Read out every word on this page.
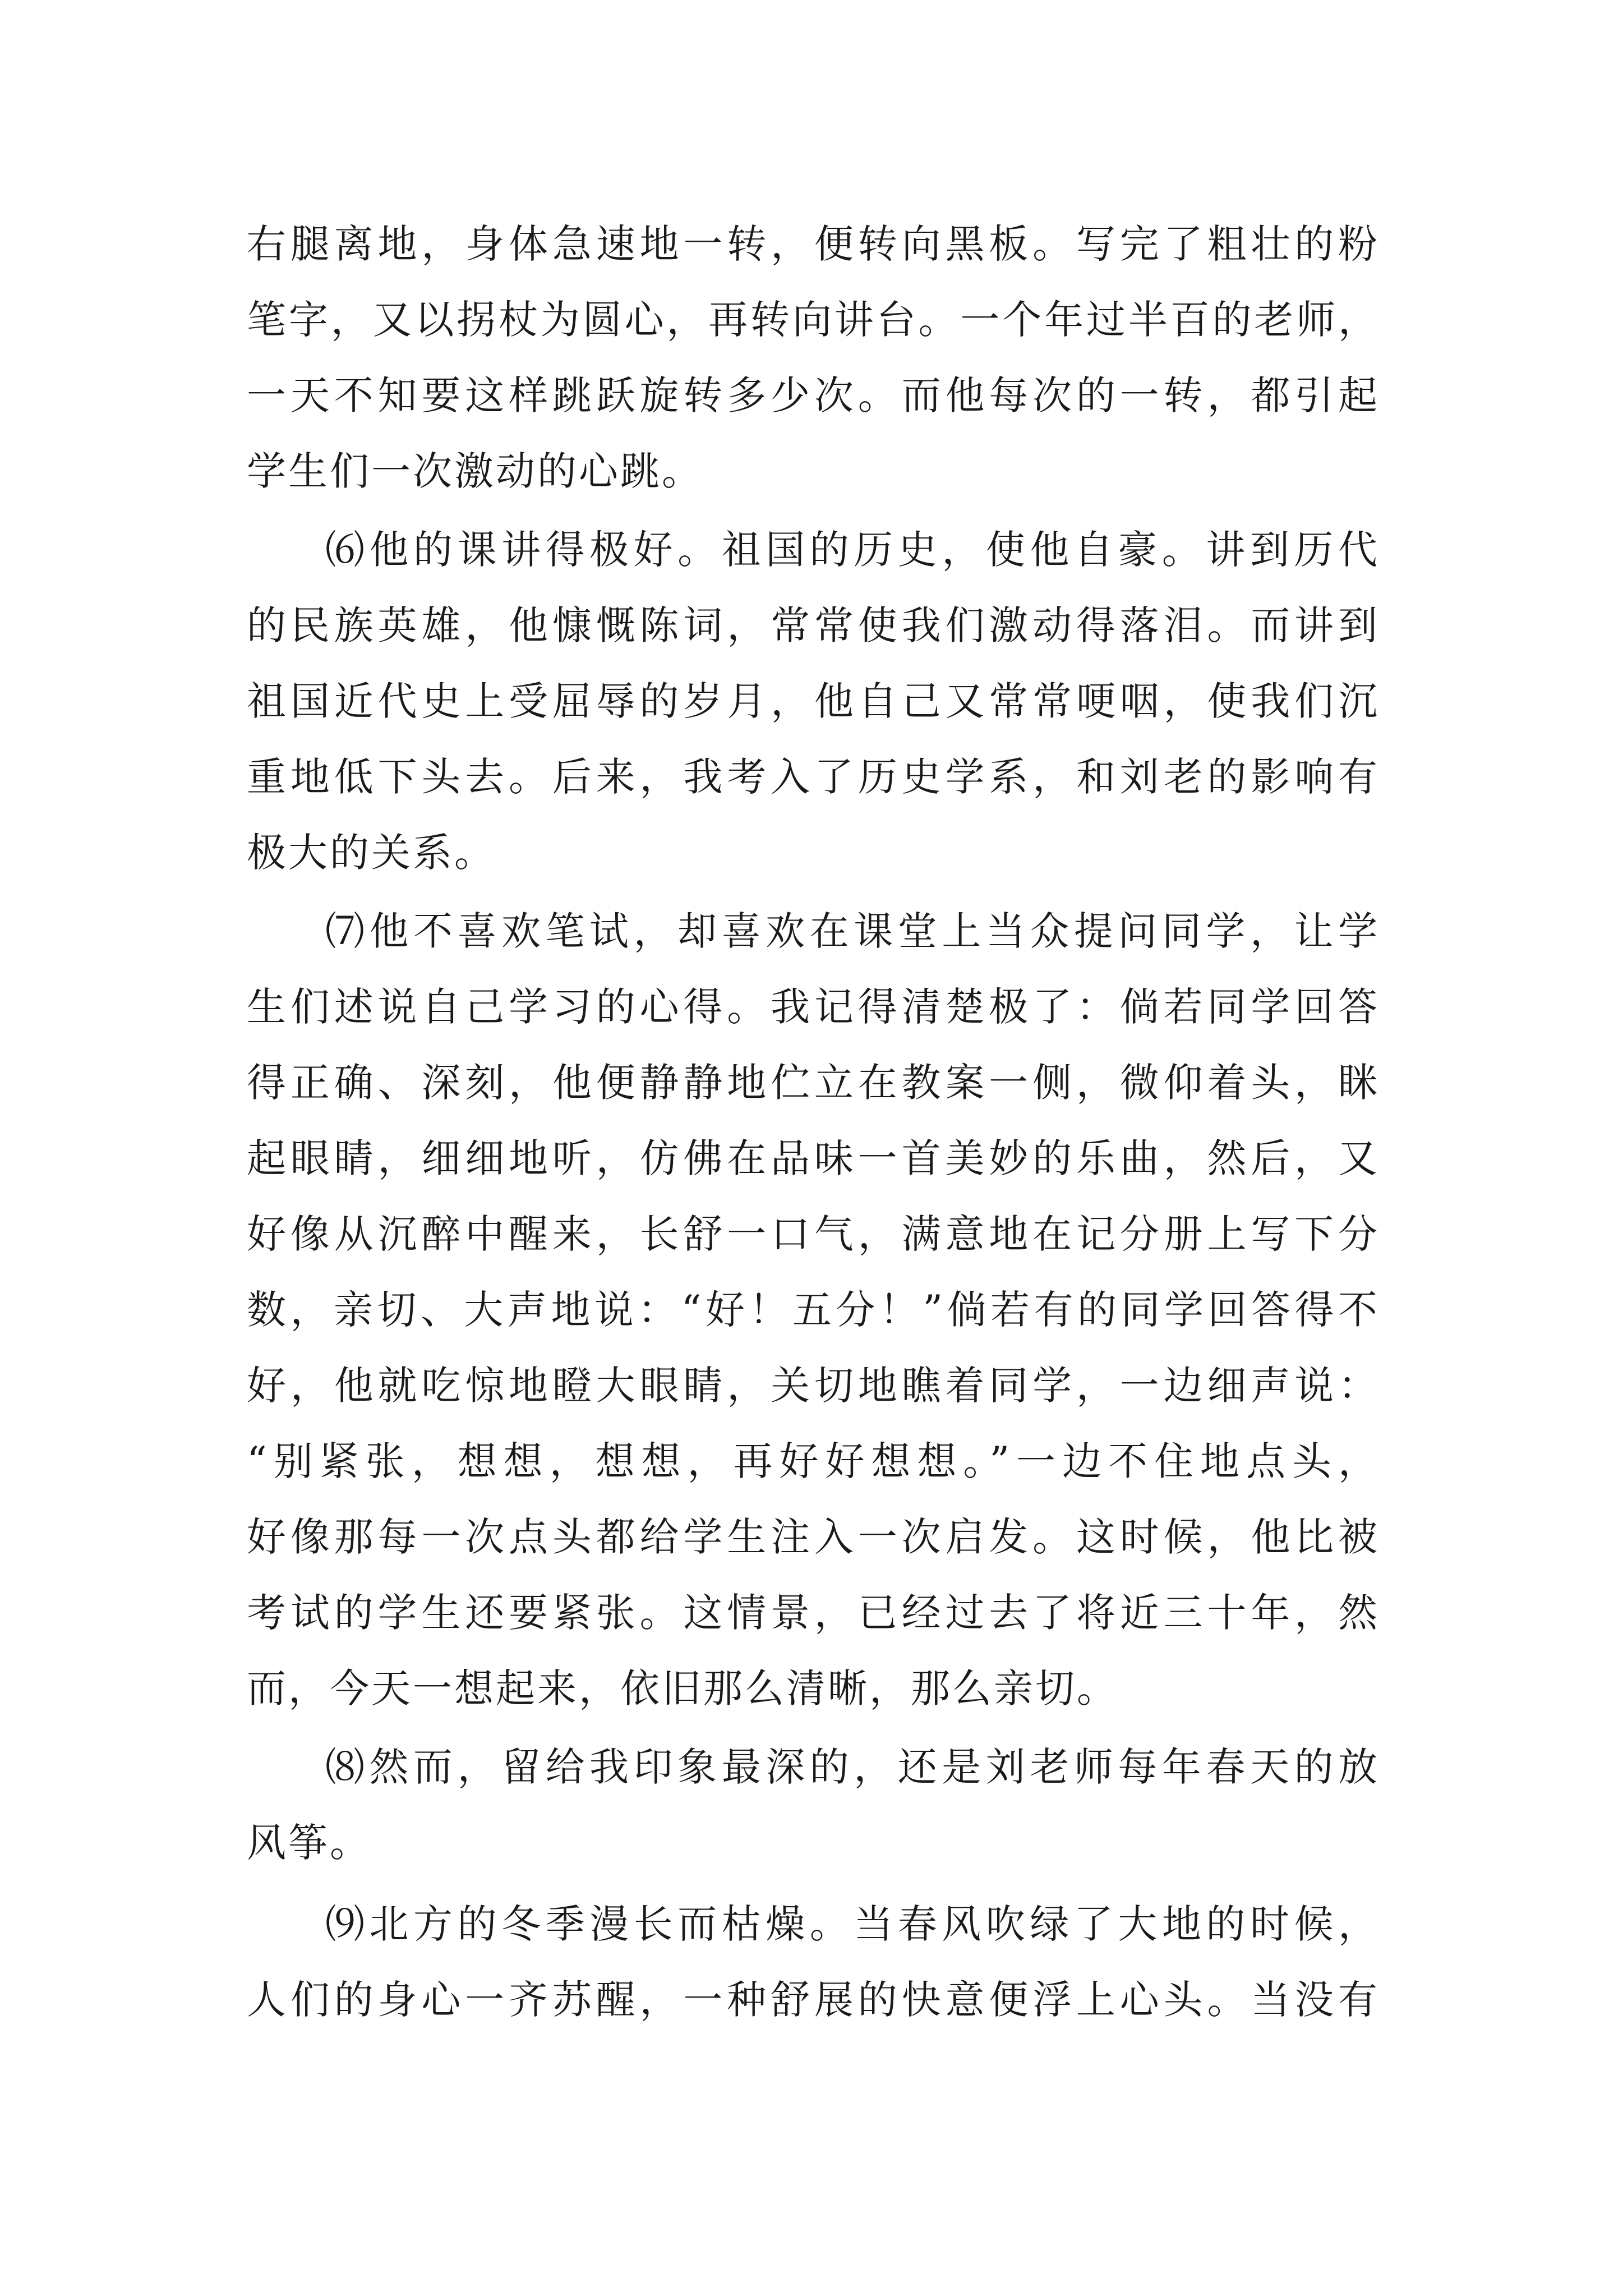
右腿离地，身体急速地一转，便转向黑板。写完了粗壮的粉
笔字，又以拐杖为圆心，再转向讲台。一个年过半百的老师，
一天不知要这样跳跃旋转多少次。而他每次的一转，都引起
学生们一次激动的心跳。
⑹他的课讲得极好。祖国的历史，使他自豪。讲到历代
的民族英雄，他慷慨陈词，常常使我们激动得落泪。而讲到
祖国近代史上受屈辱的岁月，他自己又常常哽咽，使我们沉
重地低下头去。后来，我考入了历史学系，和刘老的影响有
极大的关系。
⑺他不喜欢笔试，却喜欢在课堂上当众提问同学，让学
生们述说自己学习的心得。我记得清楚极了：倘若同学回答
得正确、深刻，他便静静地伫立在教案一侧，微仰着头，眯
起眼睛，细细地听，仿佛在品味一首美妙的乐曲，然后，又
好像从沉醉中醒来，长舒一口气，满意地在记分册上写下分
数，亲切、大声地说：“好！五分！”倘若有的同学回答得不
好，他就吃惊地瞪大眼睛，关切地瞧着同学，一边细声说：
“别紧张，想想，想想，再好好想想。”一边不住地点头，
好像那每一次点头都给学生注入一次启发。这时候，他比被
考试的学生还要紧张。这情景，已经过去了将近三十年，然
而，今天一想起来，依旧那么清晰，那么亲切。
⑻然而，留给我印象最深的，还是刘老师每年春天的放
风筝。
⑼北方的冬季漫长而枯燥。当春风吹绿了大地的时候，
人们的身心一齐苏醒，一种舒展的快意便浮上心头。当没有
